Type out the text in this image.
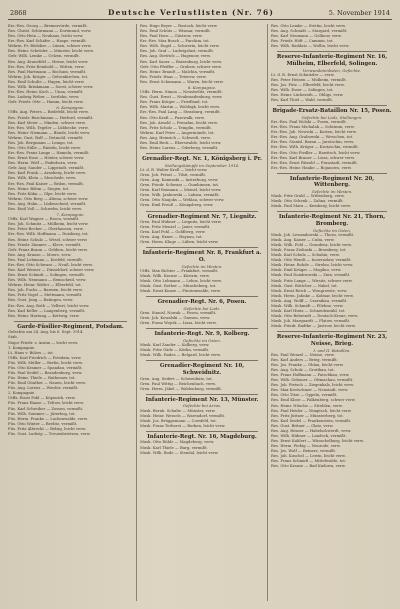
2868	Deutsche Verlustlisten (Nr. 76)	5. November 1914
Ers.-Res. Georg — Bremervörde, vermißt.
Res. Christ. Schürmann — Dortmund, verw.
Res. Otto Hein — Neuhaus, leicht verw.
Ers.-Res. Karl Schäfer — Haspe, vermißt.
Wehrm. Fr. Bödeker — Lünen, schwer verw.
Res. Heinr. Schröder — Münster, leicht verw.
Gefr. Wilh. Lemke — Uelzen, vermißt.
Res. Aug. Kranefeld — Herne, leicht verw.
Ers.-Res. Fritz Reinhold — Witten, verw.
Res. Paul Hartmann — Bochum, vermißt.
Wehrm. Joh. Krüger — Gelsenkirchen, tot.
Res. Emil Schulte — Hagen, leicht verw.
Res. Wilh. Brinkmann — Soest, schwer verw.
Ers.-Res. Heinr. Koch — Unna, vermißt.
Res. Ludwig Weber — Iserlohn, verw.
Gefr. Friedr. Otte — Hamm, leicht verw.
6. Kompagnie.
Utffz. Aug. Peters — Bielefeld, leicht verw.
Res. Friedr. Buschmann — Herford, vermißt.
Res. Karl Meier — Minden, schwer verw.
Ers.-Res. Wilh. Tegeler — Lübbecke, verw.
Res. Heinr. Niemann — Bünde, leicht verw.
Wehrm. Gust. Rolf — Detmold, vermißt.
Res. Joh. Bergmann — Lemgo, tot.
Res. Otto Stille — Rinteln, leicht verw.
Ers.-Res. Franz Lange — Hameln, vermißt.
Res. Ernst Rose — Höxter, schwer verw.
Res. Herm. Wolf — Paderborn, verw.
Gefr. Aug. Sander — Lippstadt, vermißt.
Res. Karl Frank — Arnsberg, leicht verw.
Res. Wilh. Klein — Meschede, verw.
Ers.-Res. Paul Kaiser — Brilon, vermißt.
Res. Heinr. Böhm — Siegen, tot.
Res. Fritz Kühn — Olpe, leicht verw.
Wehrm. Otto Berg — Altena, schwer verw.
Res. Aug. Hahn — Lüdenscheid, vermißt.
Res. Emil Voß — Schwelm, leicht verw.
7. Kompagnie.
Utffz. Karl Wagner — Essen, vermißt.
Res. Joh. Schmitz — Mülheim, leicht verw.
Res. Peter Becker — Oberhausen, verw.
Ers.-Res. Wilh. Hoffmann — Duisburg, tot.
Res. Heinr. Schulz — Wesel, schwer verw.
Res. Friedr. Zimmer — Kleve, vermißt.
Gefr. Franz Braun — Geldern, leicht verw.
Res. Aug. Krause — Moers, verw.
Res. Paul Lehmann — Krefeld, vermißt.
Ers.-Res. Otto Schwarz — Neuß, leicht verw.
Res. Karl Werner — Düsseldorf, schwer verw.
Res. Ernst Schmitt — Solingen, vermißt.
Res. Wilh. Neumann — Remscheid, verw.
Wehrm. Heinr. Walter — Elberfeld, tot.
Res. Joh. Fuchs — Barmen, leicht verw.
Res. Fritz Vogel — Mettmann, vermißt.
Res. Gust. Jung — Ratingen, verw.
Ers.-Res. Aug. Roth — Velbert, leicht verw.
Res. Karl Keller — Langenberg, vermißt.
Res. Heinr. Hartung — Kettwig, verw.
Garde-Füsilier-Regiment, Potsdam.
Gefechte am 24. Aug. bis 6. Sept. 1914.
Stab.
Major Friedr. v. Arnim — leicht verw.
1. Kompagnie.
Lt. Hans v. Bülow — tot.
Utffz. Karl Friedrich — Potsdam, verw.
Füs. Wilh. Müller — Berlin, leicht verw.
Füs. Otto Kramer — Spandau, vermißt.
Füs. Paul Seidel — Brandenburg, verw.
Füs. Heinr. Thiele — Rathenow, tot.
Füs. Emil Günther — Nauen, leicht verw.
Füs. Aug. Lorenz — Werder, vermißt.
2. Kompagnie.
Utffz. Ernst Pohl — Köpenick, verw.
Füs. Franz Haase — Teltow, leicht verw.
Füs. Karl Schreiber — Zossen, vermißt.
Füs. Wilh. Sommer — Jüterbog, tot.
Füs. Herm. Franke — Luckenwalde, verw.
Füs. Otto Winter — Beelitz, vermißt.
Füs. Fritz Albrecht — Belzig, leicht verw.
Füs. Gust. Ludwig — Treuenbrietzen, verw.
Res. Hugo Beyer — Rostock, leicht verw.
Res. Emil Schütz — Wismar, vermißt.
Res. Paul Horn — Güstrow, verw.
Ers.-Res. Max Busch — Parchim, tot.
Res. Wilh. Engel — Schwerin, leicht verw.
Res. Joh. Graf — Ludwigslust, vermißt.
Res. Aug. Dietrich — Hagenow, verw.
Res. Karl Sauer — Boizenburg, leicht verw.
Gefr. Otto Pfeiffer — Grabow, schwer verw.
Res. Heinr. Brandt — Malchin, vermißt.
Res. Friedr. Haas — Teterow, verw.
Res. Ernst Schumann — Waren, leicht verw.
8. Kompagnie.
Utffz. Herm. Simon — Neustrelitz, vermißt.
Res. Gust. Ernst — Neubrandenburg, verw.
Res. Franz Krüger — Friedland, tot.
Res. Wilh. Martin — Woldegk, leicht verw.
Ers.-Res. Paul Lang — Strasburg, vermißt.
Res. Otto Kraft — Pasewalk, verw.
Res. Joh. Arnold — Prenzlau, leicht verw.
Res. Fritz Scholz — Templin, vermißt.
Wehrm. Karl Peter — Angermünde, tot.
Res. Aug. Heinrich — Schwedt, verw.
Res. Emil Beck — Eberswalde, leicht verw.
Res. Heinr. Lorenz — Oderberg, vermißt.
Grenadier-Regt. Nr. 1, Königsberg i. Pr.
Stellungskämpfe im September 1914.
Lt. d. R. Walter Kroll — leicht verw.
Gren. Joh. Petrat — Tilsit, vermißt.
Gren. Aug. Kaminski — Insterburg, verw.
Gren. Friedr. Schwarz — Gumbinnen, tot.
Gren. Karl Reimann — Memel, leicht verw.
Gren. Wilh. Jankowski — Labiau, vermißt.
Gren. Otto Naujoks — Wehlau, schwer verw.
Gren. Emil Preuß — Königsberg, verw.
Grenadier-Regiment Nr. 7, Liegnitz.
Gren. Paul Hübner — Liegnitz, leicht verw.
Gren. Fritz Menzel — Jauer, vermißt.
Gren. Karl Pohl — Goldberg, verw.
Gren. Aug. Exner — Haynau, tot.
Gren. Herm. Kluge — Lüben, leicht verw.
Infanterie-Regiment Nr. 8, Frankfurt a. O.
Gefechte im Westen.
Utffz. Max Richter — Frankfurt, vermißt.
Musk. Wilh. Krause — Küstrin, verw.
Musk. Otto Lehmann — Lebus, leicht verw.
Musk. Gust. Rother — Müncheberg, tot.
Musk. Ernst Kunze — Fürstenwalde, verw.
Grenadier-Regt. Nr. 6, Posen.
Gefechte bei Lodz.
Gren. Stanisl. Nowak — Posen, vermißt.
Gren. Joh. Kowalski — Gnesen, verw.
Gren. Franz Wojcik — Lissa, leicht verw.
Infanterie-Regt. Nr. 9, Kolberg.
Gefechte im Osten.
Musk. Karl Zander — Kolberg, verw.
Musk. Fritz Gäde — Köslin, vermißt.
Musk. Wilh. Rades — Belgard, leicht verw.
Grenadier-Regiment Nr. 10, Schweidnitz.
Gren. Aug. Seifert — Schweidnitz, tot.
Gren. Paul Wittig — Reichenbach, verw.
Gren. Herm. Jäkel — Waldenburg, vermißt.
Infanterie-Regiment Nr. 13, Münster.
Gefechte bei Arras.
Musk. Bernh. Schulte — Münster, verw.
Musk. Heinr. Wessels — Warendorf, vermißt.
Musk. Jos. Brüggemann — Coesfeld, tot.
Musk. Franz Terhorst — Borken, leicht verw.
Infanterie-Regt. Nr. 16, Magdeburg.
Musk. Otto Rühle — Magdeburg, verw.
Musk. Karl Thiele — Burg, vermißt.
Musk. Wilh. Bode — Stendal, leicht verw.
Res. Otto Lemke — Stettin, leicht verw.
Res. Aug. Schmidt — Stargard, vermißt.
Res. Karl Neumann — Gollnow, verw.
Res. Friedr. Höft — Cammin, tot.
Res. Wilh. Raddatz — Wollin, leicht verw.
Reserve-Infanterie-Regiment Nr. 16, Mülheim, Elberfeld, Solingen.
Verwundetenlisten, Gefechte.
Lt. d. R. Ernst Schnitzler — verw.
Res. Peter Heinen — Mülheim, vermißt.
Res. Jos. Pütz — Elberfeld, leicht verw.
Res. Wilh. Esser — Solingen, tot.
Res. Heinr. Lückerath — Ohligs, verw.
Res. Karl Thiel — Wald, vermißt.
Brigade-Ersatz-Bataillon Nr. 15, Posen.
Gefechte bei Lodz, Stellungen.
Ers.-Res. Paul Wolski — Posen, vermißt.
Ers.-Res. Franz Michalak — Schrimm, verw.
Ers.-Res. Joh. Nowicki — Kosten, leicht verw.
Ers.-Res. Aug. Grabowski — Wreschen, tot.
Ers.-Res. Stanisl. Baran — Jarotschin, verw.
Ers.-Res. Wilh. Krüger — Krotoschin, vermißt.
Ers.-Res. Otto Fiedler — Rawitsch, leicht verw.
Ers.-Res. Karl Brauer — Lissa, schwer verw.
Ers.-Res. Ernst Pätzold — Fraustadt, vermißt.
Ers.-Res. Heinr. Hauke — Bojanowo, verw.
Infanterie-Regiment Nr. 20, Wittenberg.
Gefechte im Westen.
Musk. Fritz Grahl — Wittenberg, verw.
Musk. Otto Schenk — Zahna, vermißt.
Musk. Paul Marx — Kemberg, leicht verw.
Infanterie-Regiment Nr. 21, Thorn, Bromberg.
Gefechte im Osten.
Musk. Joh. Lewandowski — Thorn, vermißt.
Musk. Aug. Kaiser — Culm, verw.
Musk. Wilh. Pohl — Graudenz, leicht verw.
Musk. Franz Zielinski — Bromberg, tot.
Musk. Karl Schulz — Schubin, verw.
Musk. Otto Wendt — Inowrazlaw, vermißt.
Musk. Heinr. Rohde — Strelno, leicht verw.
Musk. Emil Krüger — Mogilno, verw.
Musk. Paul Dombrowski — Znin, vermißt.
Musk. Fritz Lange — Wirsitz, schwer verw.
Musk. Gust. Böttcher — Nakel, tot.
Musk. Ernst Reich — Wongrowitz, verw.
Musk. Herm. Jahnke — Kolmar, leicht verw.
Musk. Aug. Wolff — Czarnikau, vermißt.
Musk. Wilh. Schmidt — Filehne, verw.
Musk. Karl Hintz — Schneidemühl, tot.
Musk. Otto Behrendt — Deutsch-Krone, verw.
Musk. Joh. Marquardt — Flatow, vermißt.
Musk. Friedr. Radtke — Jastrow, leicht verw.
Reserve-Infanterie-Regiment Nr. 23, Neisse, Brieg.
I. und II. Bataillon.
Res. Paul Wenzel — Neisse, verw.
Res. Karl Anders — Brieg, vermißt.
Res. Jos. Franke — Ohlau, leicht verw.
Res. Aug. Scholz — Grottkau, tot.
Res. Franz Hoffmann — Patschkau, verw.
Res. Wilh. Gebauer — Ottmachau, vermißt.
Res. Joh. Pietsch — Ziegenhals, leicht verw.
Res. Max Kretschmer — Neustadt, verw.
Res. Otto Titze — Oppeln, vermißt.
Res. Emil Klose — Falkenberg, schwer verw.
Res. Heinr. Nitsche — Strehlen, verw.
Res. Paul Heider — Nimptsch, leicht verw.
Res. Fritz Jüttner — Münsterberg, tot.
Res. Karl Seidel — Frankenstein, vermißt.
Res. Gust. Bittner — Glatz, verw.
Res. Aug. Rösner — Habelschwerdt, verw.
Res. Wilh. Hübner — Landeck, vermißt.
Res. Ernst Kahlert — Wünschelburg, leicht verw.
Res. Herm. Fiebig — Neurode, verw.
Res. Jos. Wolf — Reinerz, vermißt.
Res. Joh. Kuschel — Lewin, leicht verw.
Res. Franz Schmidt — Mittelwalde, tot.
Res. Otto Krause — Bad Kudowa, verw.
